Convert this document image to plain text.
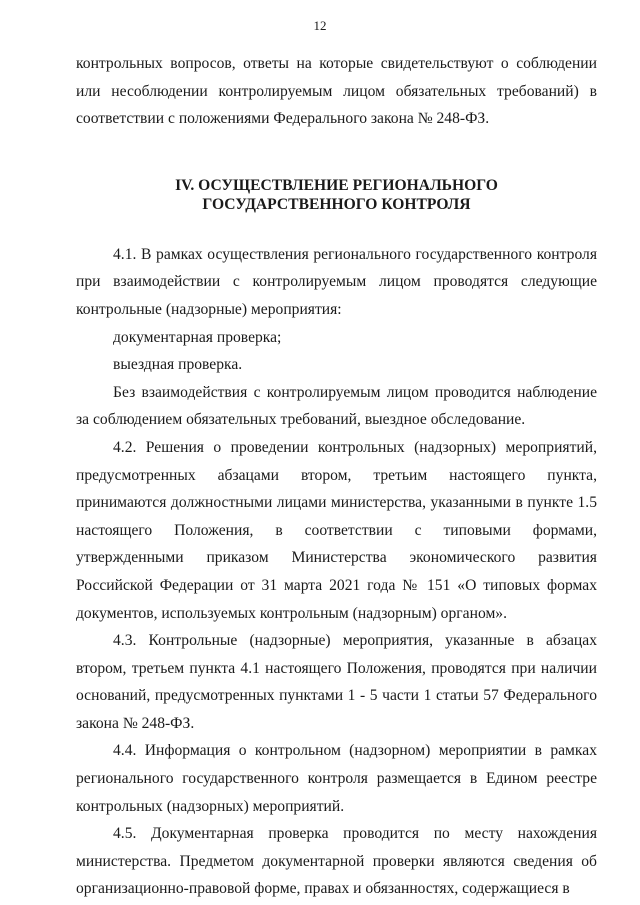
12

контрольных вопросов, ответы на которые свидетельствуют о соблюдении или несоблюдении контролируемым лицом обязательных требований) в соответствии с положениями Федерального закона № 248-ФЗ.

IV. ОСУЩЕСТВЛЕНИЕ РЕГИОНАЛЬНОГО
ГОСУДАРСТВЕННОГО КОНТРОЛЯ

4.1. В рамках осуществления регионального государственного контроля при взаимодействии с контролируемым лицом проводятся следующие контрольные (надзорные) мероприятия:

документарная проверка;

выездная проверка.

Без взаимодействия с контролируемым лицом проводится наблюдение за соблюдением обязательных требований, выездное обследование.

4.2. Решения о проведении контрольных (надзорных) мероприятий, предусмотренных абзацами втором, третьим настоящего пункта, принимаются должностными лицами министерства, указанными в пункте 1.5 настоящего Положения, в соответствии с типовыми формами, утвержденными приказом Министерства экономического развития Российской Федерации от 31 марта 2021 года № 151 «О типовых формах документов, используемых контрольным (надзорным) органом».

4.3. Контрольные (надзорные) мероприятия, указанные в абзацах втором, третьем пункта 4.1 настоящего Положения, проводятся при наличии оснований, предусмотренных пунктами 1 - 5 части 1 статьи 57 Федерального закона № 248-ФЗ.

4.4. Информация о контрольном (надзорном) мероприятии в рамках регионального государственного контроля размещается в Едином реестре контрольных (надзорных) мероприятий.

4.5. Документарная проверка проводится по месту нахождения министерства. Предметом документарной проверки являются сведения об организационно-правовой форме, правах и обязанностях, содержащиеся в
